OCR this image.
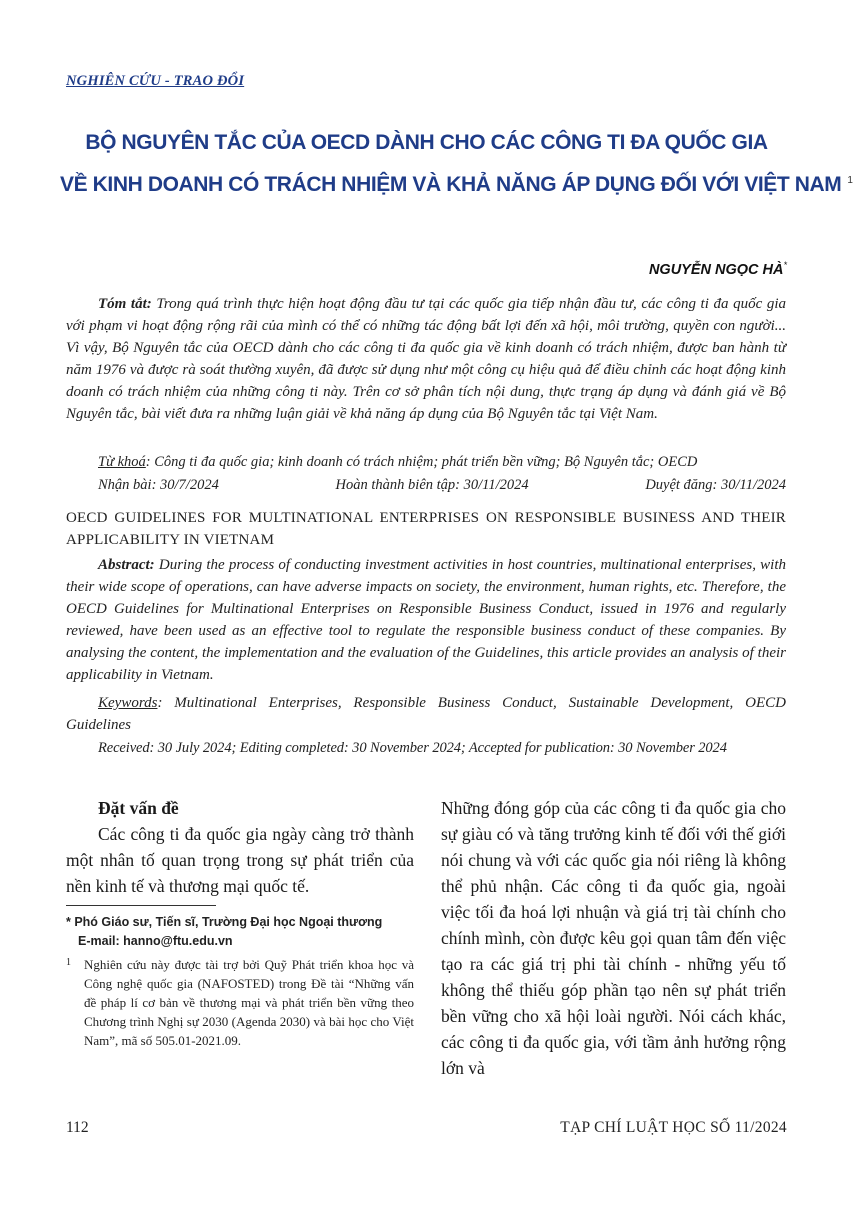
NGHIÊN CỨU - TRAO ĐỔI
BỘ NGUYÊN TẮC CỦA OECD DÀNH CHO CÁC CÔNG TI ĐA QUỐC GIA
VỀ KINH DOANH CÓ TRÁCH NHIỆM VÀ KHẢ NĂNG ÁP DỤNG ĐỐI VỚI VIỆT NAM $^1$
NGUYỄN NGỌC HÀ*
Tóm tắt: Trong quá trình thực hiện hoạt động đầu tư tại các quốc gia tiếp nhận đầu tư, các công ti đa quốc gia với phạm vi hoạt động rộng rãi của mình có thể có những tác động bất lợi đến xã hội, môi trường, quyền con người... Vì vậy, Bộ Nguyên tắc của OECD dành cho các công ti đa quốc gia về kinh doanh có trách nhiệm, được ban hành từ năm 1976 và được rà soát thường xuyên, đã được sử dụng như một công cụ hiệu quả để điều chỉnh các hoạt động kinh doanh có trách nhiệm của những công ti này. Trên cơ sở phân tích nội dung, thực trạng áp dụng và đánh giá về Bộ Nguyên tắc, bài viết đưa ra những luận giải về khả năng áp dụng của Bộ Nguyên tắc tại Việt Nam.
Từ khoá: Công ti đa quốc gia; kinh doanh có trách nhiệm; phát triển bền vững; Bộ Nguyên tắc; OECD
Nhận bài: 30/7/2024	Hoàn thành biên tập: 30/11/2024	Duyệt đăng: 30/11/2024
OECD GUIDELINES FOR MULTINATIONAL ENTERPRISES ON RESPONSIBLE BUSINESS AND THEIR APPLICABILITY IN VIETNAM
Abstract: During the process of conducting investment activities in host countries, multinational enterprises, with their wide scope of operations, can have adverse impacts on society, the environment, human rights, etc. Therefore, the OECD Guidelines for Multinational Enterprises on Responsible Business Conduct, issued in 1976 and regularly reviewed, have been used as an effective tool to regulate the responsible business conduct of these companies. By analysing the content, the implementation and the evaluation of the Guidelines, this article provides an analysis of their applicability in Vietnam.
Keywords: Multinational Enterprises, Responsible Business Conduct, Sustainable Development, OECD Guidelines
Received: 30 July 2024; Editing completed: 30 November 2024; Accepted for publication: 30 November 2024
Đặt vấn đề
Các công ti đa quốc gia ngày càng trở thành một nhân tố quan trọng trong sự phát triển của nền kinh tế và thương mại quốc tế.
Những đóng góp của các công ti đa quốc gia cho sự giàu có và tăng trưởng kinh tế đối với thế giới nói chung và với các quốc gia nói riêng là không thể phủ nhận. Các công ti đa quốc gia, ngoài việc tối đa hoá lợi nhuận và giá trị tài chính cho chính mình, còn được kêu gọi quan tâm đến việc tạo ra các giá trị phi tài chính - những yếu tố không thể thiếu góp phần tạo nên sự phát triển bền vững cho xã hội loài người. Nói cách khác, các công ti đa quốc gia, với tầm ảnh hưởng rộng lớn và
* Phó Giáo sư, Tiến sĩ, Trường Đại học Ngoại thương
E-mail: hanno@ftu.edu.vn
1	Nghiên cứu này được tài trợ bởi Quỹ Phát triển khoa học và Công nghệ quốc gia (NAFOSTED) trong Đề tài “Những vấn đề pháp lí cơ bản về thương mại và phát triển bền vững theo Chương trình Nghị sự 2030 (Agenda 2030) và bài học cho Việt Nam”, mã số 505.01-2021.09.
112	TẠP CHÍ LUẬT HỌC SỐ 11/2024
